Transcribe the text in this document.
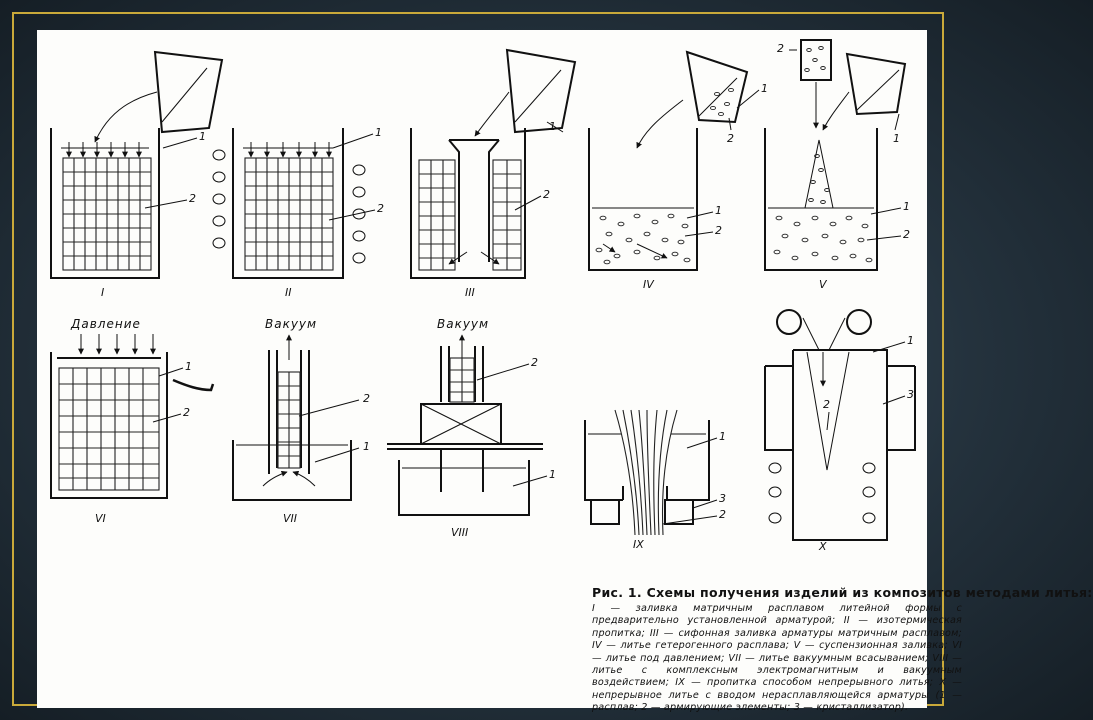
1
2
I
1
2
II
1
2
III
1
2
1
2
IV
2
1
1
2
V
Давление
1
2
VI
Вакуум
2
1
VII
Вакуум
2
1
VIII
1
3
2
IX
1
3
2
X

Рис. 1. Схемы получения изделий из композитов методами литья:

I — заливка матричным расплавом литейной формы с предварительно установленной арматурой; II — изотермическая пропитка; III — сифонная заливка арматуры матричным расплавом; IV — литье гетерогенного расплава; V — суспензионная заливка; VI — литье под давлением; VII — литье вакуумным всасыванием; VIII — литье с комплексным электромагнитным и вакуумным воздействием; IX — пропитка способом непрерывного литья; X — непрерывное литье с вводом нерасплавляющейся арматуры (1 — расплав; 2 — армирующие элементы; 3 — кристаллизатор).
